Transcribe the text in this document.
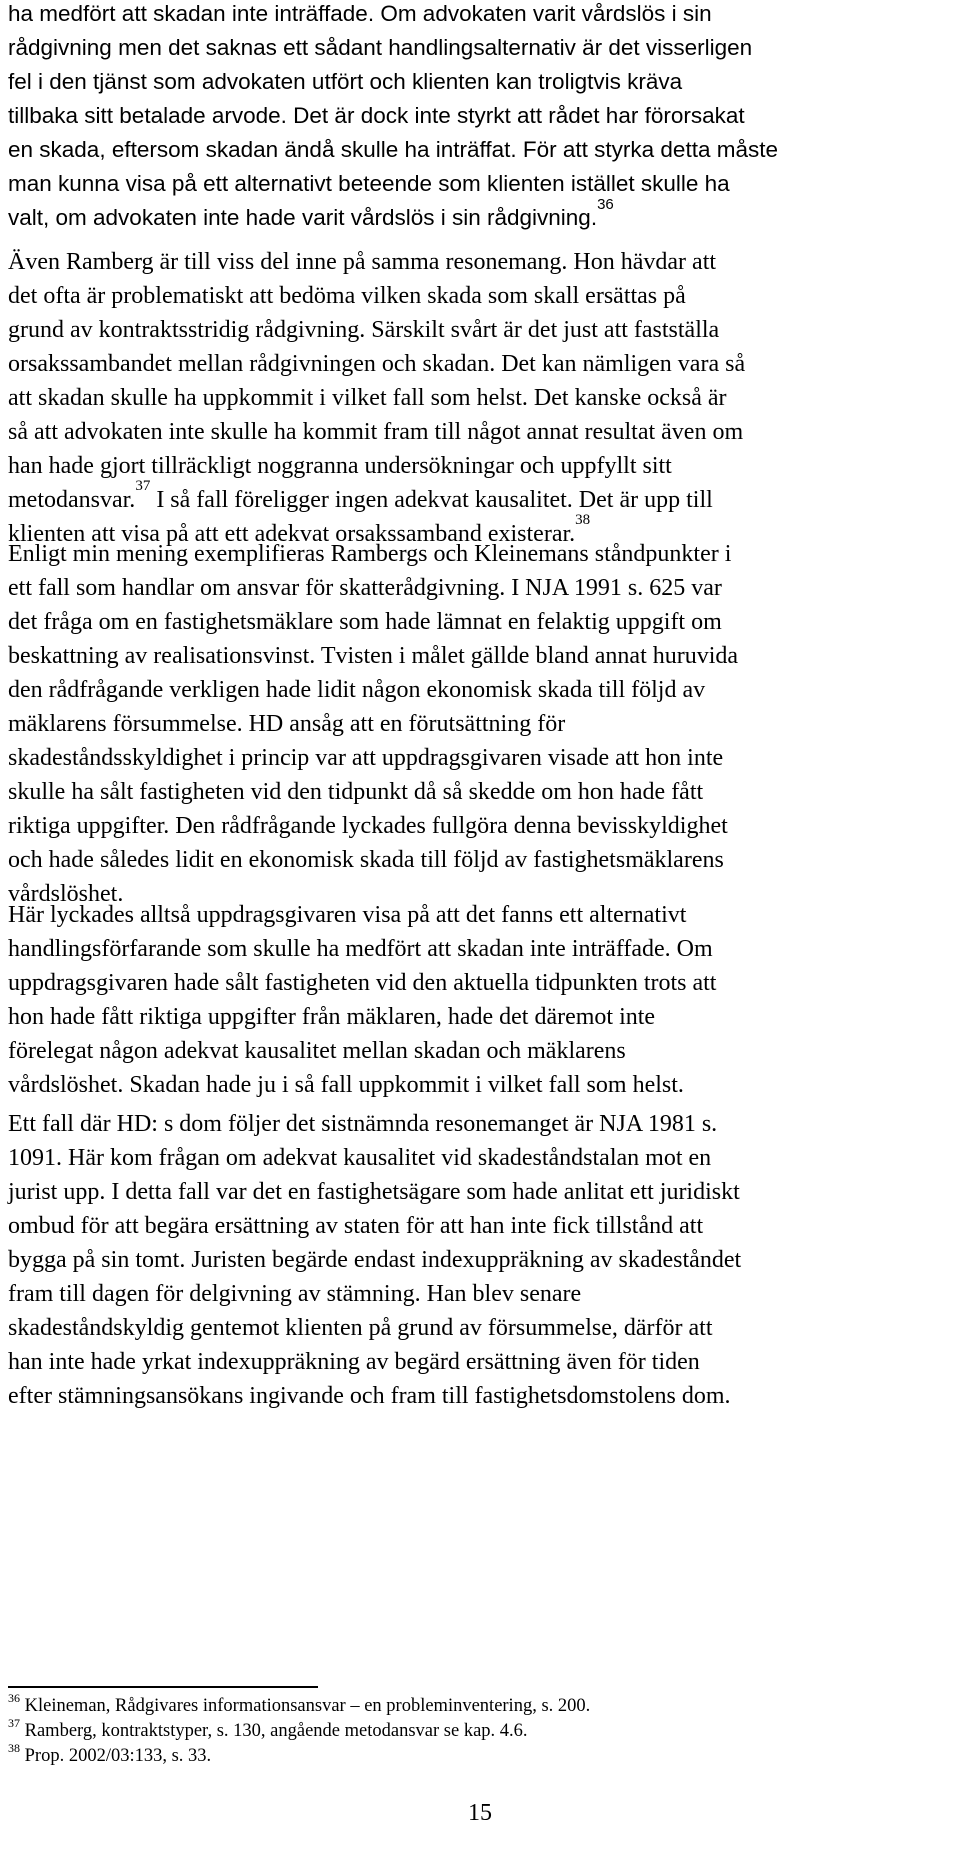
ha medfört att skadan inte inträffade. Om advokaten varit vårdslös i sin
rådgivning men det saknas ett sådant handlingsalternativ är det visserligen
fel i den tjänst som advokaten utfört och klienten kan troligtvis kräva
tillbaka sitt betalade arvode. Det är dock inte styrkt att rådet har förorsakat
en skada, eftersom skadan ändå skulle ha inträffat. För att styrka detta måste
man kunna visa på ett alternativt beteende som klienten istället skulle ha
valt, om advokaten inte hade varit vårdslös i sin rådgivning.$^{36}$
Även Ramberg är till viss del inne på samma resonemang. Hon hävdar att
det ofta är problematiskt att bedöma vilken skada som skall ersättas på
grund av kontraktsstridig rådgivning. Särskilt svårt är det just att fastställa
orsakssambandet mellan rådgivningen och skadan. Det kan nämligen vara så
att skadan skulle ha uppkommit i vilket fall som helst. Det kanske också är
så att advokaten inte skulle ha kommit fram till något annat resultat även om
han hade gjort tillräckligt noggranna undersökningar och uppfyllt sitt
metodansvar.$^{37}$ I så fall föreligger ingen adekvat kausalitet. Det är upp till
klienten att visa på att ett adekvat orsakssamband existerar.$^{38}$
Enligt min mening exemplifieras Rambergs och Kleinemans ståndpunkter i
ett fall som handlar om ansvar för skatterådgivning. I NJA 1991 s. 625 var
det fråga om en fastighetsmäklare som hade lämnat en felaktig uppgift om
beskattning av realisationsvinst. Tvisten i målet gällde bland annat huruvida
den rådfrågande verkligen hade lidit någon ekonomisk skada till följd av
mäklarens försummelse. HD ansåg att en förutsättning för
skadeståndsskyldighet i princip var att uppdragsgivaren visade att hon inte
skulle ha sålt fastigheten vid den tidpunkt då så skedde om hon hade fått
riktiga uppgifter. Den rådfrågande lyckades fullgöra denna bevisskyldighet
och hade således lidit en ekonomisk skada till följd av fastighetsmäklarens
vårdslöshet.
Här lyckades alltså uppdragsgivaren visa på att det fanns ett alternativt
handlingsförfarande som skulle ha medfört att skadan inte inträffade. Om
uppdragsgivaren hade sålt fastigheten vid den aktuella tidpunkten trots att
hon hade fått riktiga uppgifter från mäklaren, hade det däremot inte
förelegat någon adekvat kausalitet mellan skadan och mäklarens
vårdslöshet. Skadan hade ju i så fall uppkommit i vilket fall som helst.
Ett fall där HD: s dom följer det sistnämnda resonemanget är NJA 1981 s.
1091. Här kom frågan om adekvat kausalitet vid skadeståndstalan mot en
jurist upp. I detta fall var det en fastighetsägare som hade anlitat ett juridiskt
ombud för att begära ersättning av staten för att han inte fick tillstånd att
bygga på sin tomt. Juristen begärde endast indexuppräkning av skadeståndet
fram till dagen för delgivning av stämning. Han blev senare
skadeståndskyldig gentemot klienten på grund av försummelse, därför att
han inte hade yrkat indexuppräkning av begärd ersättning även för tiden
efter stämningsansökans ingivande och fram till fastighetsdomstolens dom.
$^{36}$ Kleineman, Rådgivares informationsansvar – en probleminventering, s. 200.
$^{37}$ Ramberg, kontraktstyper, s. 130, angående metodansvar se kap. 4.6.
$^{38}$ Prop. 2002/03:133, s. 33.
15
